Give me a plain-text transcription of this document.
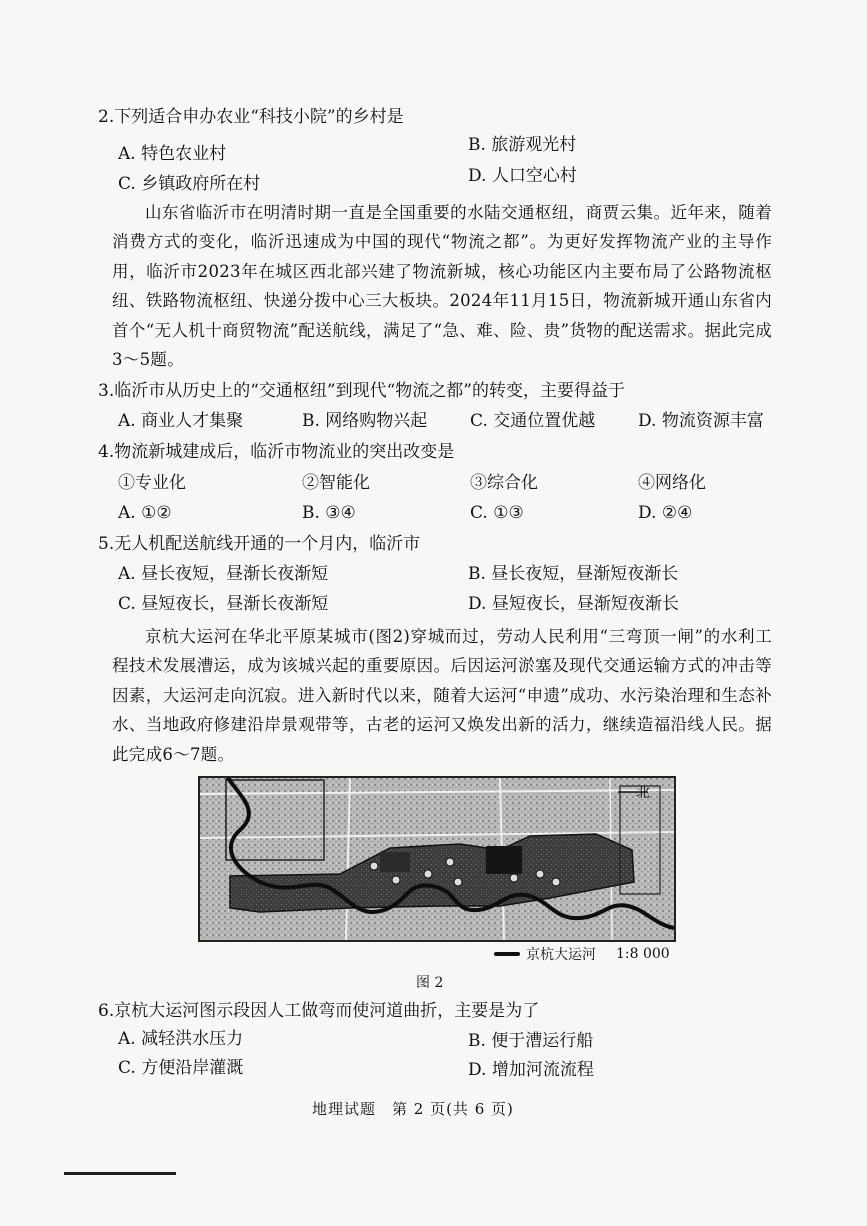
2.下列适合申办农业“科技小院”的乡村是
A. 特色农业村	B. 旅游观光村
C. 乡镇政府所在村	D. 人口空心村
山东省临沂市在明清时期一直是全国重要的水陆交通枢纽，商贾云集。近年来，随着消费方式的变化，临沂迅速成为中国的现代“物流之都”。为更好发挥物流产业的主导作用，临沂市2023年在城区西北部兴建了物流新城，核心功能区内主要布局了公路物流枢纽、铁路物流枢纽、快递分拨中心三大板块。2024年11月15日，物流新城开通山东省内首个“无人机十商贸物流”配送航线，满足了“急、难、险、贵”货物的配送需求。据此完成3～5题。
3.临沂市从历史上的“交通枢纽”到现代“物流之都”的转变，主要得益于
A. 商业人才集聚	B. 网络购物兴起	C. 交通位置优越	D. 物流资源丰富
4.物流新城建成后，临沂市物流业的突出改变是
①专业化	②智能化	③综合化	④网络化
A. ①②	B. ③④	C. ①③	D. ②④
5.无人机配送航线开通的一个月内，临沂市
A. 昼长夜短，昼渐长夜渐短	B. 昼长夜短，昼渐短夜渐长
C. 昼短夜长，昼渐长夜渐短	D. 昼短夜长，昼渐短夜渐长
京杭大运河在华北平原某城市(图2)穿城而过，劳动人民利用“三弯顶一闸”的水利工程技术发展漕运，成为该城兴起的重要原因。后因运河淤塞及现代交通运输方式的冲击等因素，大运河走向沉寂。进入新时代以来，随着大运河“申遗”成功、水污染治理和生态补水、当地政府修建沿岸景观带等，古老的运河又焕发出新的活力，继续造福沿线人民。据此完成6～7题。
北
京杭大运河 1:8 000
图 2
6.京杭大运河图示段因人工做弯而使河道曲折，主要是为了
A. 减轻洪水压力	B. 便于漕运行船
C. 方便沿岸灌溉	D. 增加河流流程
地理试题　第 2 页(共 6 页)
